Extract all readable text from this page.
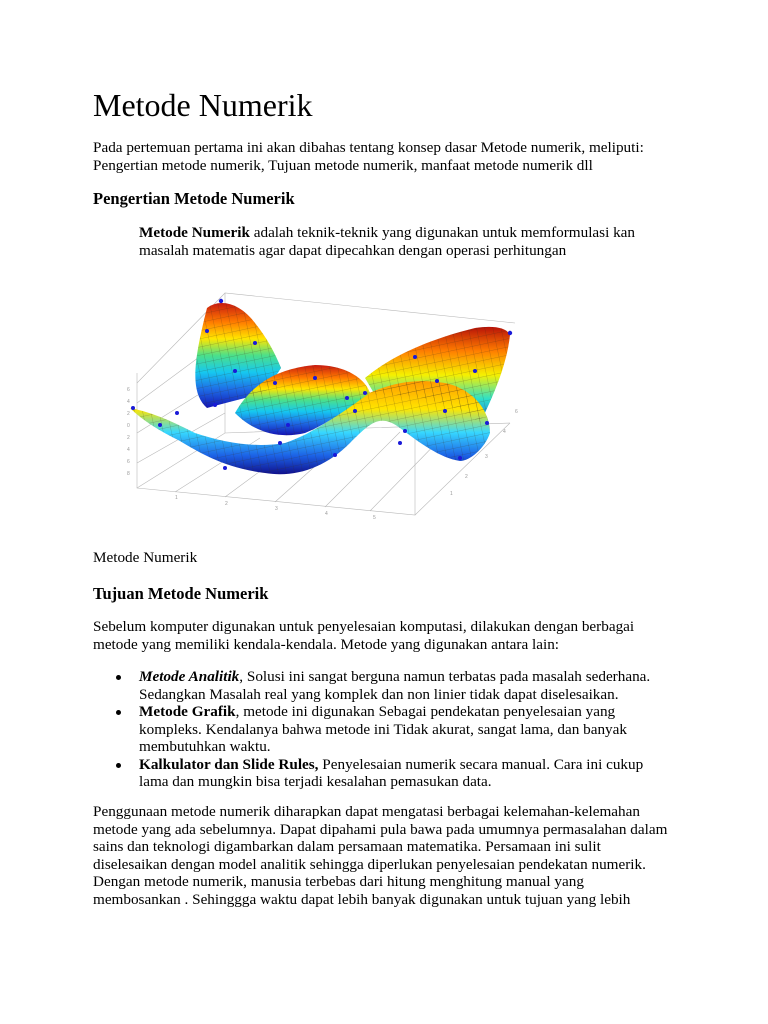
Metode Numerik

Pada pertemuan pertama ini akan dibahas tentang konsep dasar Metode numerik, meliputi: Pengertian metode numerik, Tujuan metode numerik, manfaat metode numerik dll

Pengertian Metode Numerik

Metode Numerik adalah teknik-teknik yang digunakan untuk memformulasi kan masalah matematis agar dapat dipecahkan dengan operasi perhitungan

Metode Numerik

Tujuan Metode Numerik

Sebelum komputer digunakan untuk penyelesaian komputasi, dilakukan dengan berbagai metode yang memiliki kendala-kendala. Metode yang digunakan antara lain:

Metode Analitik, Solusi ini sangat berguna namun terbatas pada masalah sederhana. Sedangkan Masalah real yang komplek dan non linier tidak dapat diselesaikan.
Metode Grafik, metode ini digunakan Sebagai pendekatan penyelesaian yang kompleks. Kendalanya bahwa metode ini Tidak akurat, sangat lama, dan banyak membutuhkan waktu.
Kalkulator dan Slide Rules, Penyelesaian numerik secara manual. Cara ini cukup lama dan mungkin bisa terjadi kesalahan pemasukan data.

Penggunaan metode numerik diharapkan dapat mengatasi berbagai kelemahan-kelemahan metode yang ada sebelumnya. Dapat dipahami pula bawa pada umumnya permasalahan dalam sains dan teknologi digambarkan dalam persamaan matematika. Persamaan ini sulit diselesaikan dengan model analitik sehingga diperlukan penyelesaian pendekatan numerik. Dengan metode numerik, manusia terbebas dari hitung menghitung manual yang membosankan . Sehinggga waktu dapat lebih banyak digunakan untuk tujuan yang lebih

6
4
2
0
2
4
6
8
1
2
3
4
5
6
4
3
2
1
